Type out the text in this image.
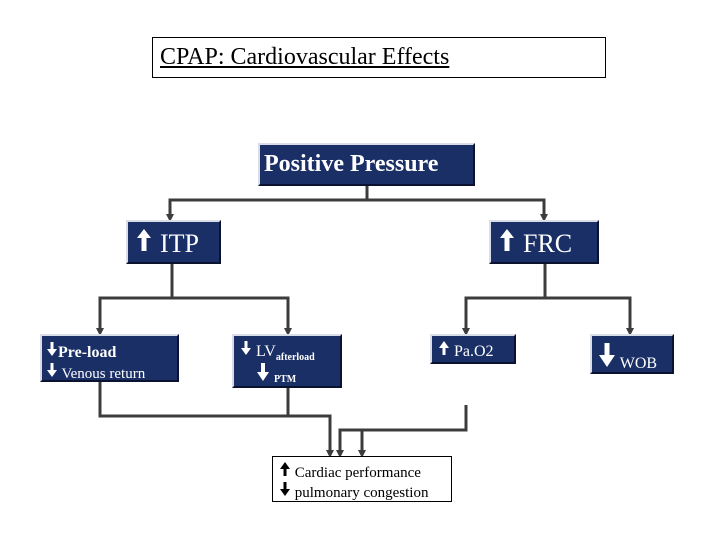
CPAP: Cardiovascular Effects
Positive Pressure
ITP	FRC
Pre-load
Venous return
$LV_{afterload}$
PTM
Pa.O2
WOB
Cardiac performance
pulmonary congestion
